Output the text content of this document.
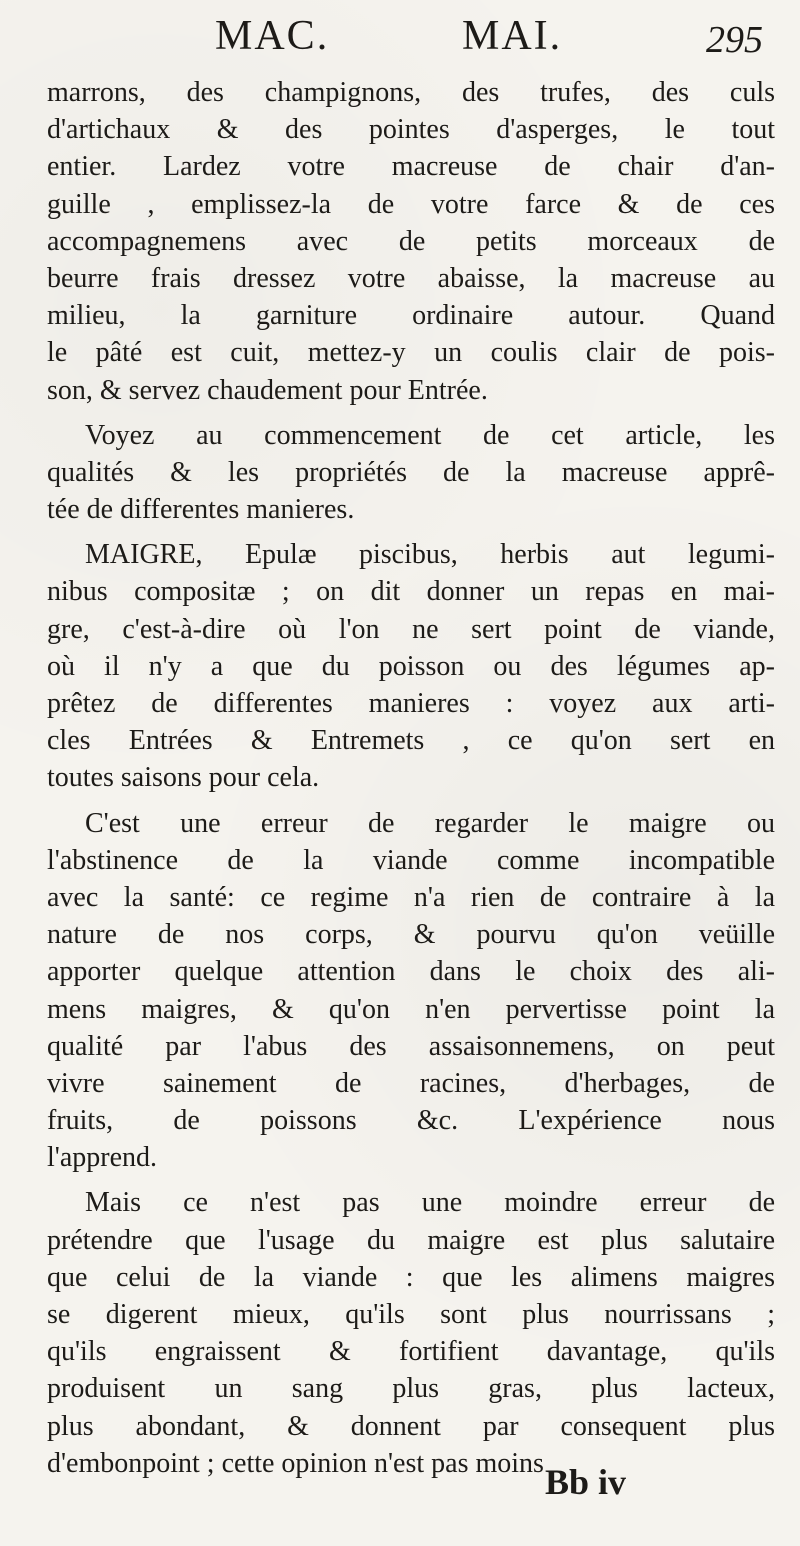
MAC.	MAI.	295
marrons, des champignons, des trufes, des culs
d'artichaux & des pointes d'asperges, le tout
entier. Lardez votre macreuse de chair d'an-
guille , emplissez-la de votre farce & de ces
accompagnemens avec de petits morceaux de
beurre frais dressez votre abaisse, la macreuse au
milieu, la garniture ordinaire autour. Quand
le pâté est cuit, mettez-y un coulis clair de pois-
son, & servez chaudement pour Entrée.
Voyez au commencement de cet article, les
qualités & les propriétés de la macreuse apprê-
tée de differentes manieres.
MAIGRE, Epulæ piscibus, herbis aut legumi-
nibus compositæ ; on dit donner un repas en mai-
gre, c'est-à-dire où l'on ne sert point de viande,
où il n'y a que du poisson ou des légumes ap-
prêtez de differentes manieres : voyez aux arti-
cles Entrées & Entremets , ce qu'on sert en
toutes saisons pour cela.
C'est une erreur de regarder le maigre ou
l'abstinence de la viande comme incompatible
avec la santé: ce regime n'a rien de contraire à la
nature de nos corps, & pourvu qu'on veüille
apporter quelque attention dans le choix des ali-
mens maigres, & qu'on n'en pervertisse point la
qualité par l'abus des assaisonnemens, on peut
vivre sainement de racines, d'herbages, de
fruits, de poissons &c. L'expérience nous
l'apprend.
Mais ce n'est pas une moindre erreur de
prétendre que l'usage du maigre est plus salutaire
que celui de la viande : que les alimens maigres
se digerent mieux, qu'ils sont plus nourrissans ;
qu'ils engraissent & fortifient davantage, qu'ils
produisent un sang plus gras, plus lacteux,
plus abondant, & donnent par consequent plus
d'embonpoint ; cette opinion n'est pas moins Bb iv
